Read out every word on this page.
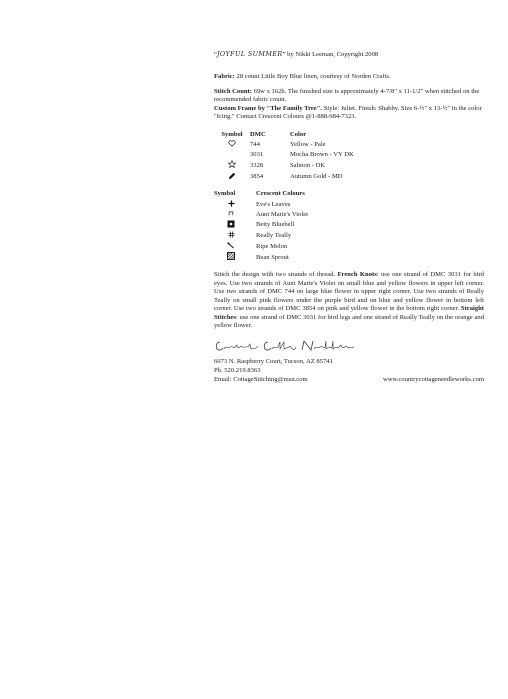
“JOYFUL SUMMER” by Nikki Leeman, Copyright 2008
Fabric: 28 count Little Boy Blue linen, courtesy of Norden Crafts.
Stitch Count: 69w x 162h. The finished size is approximately 4-7/8" x 11-1/2" when stitched on the recommended fabric count.
Custom Frame by "The Family Tree". Style: Juliet. Finish: Shabby. Size 6-½" x 13-½" in the color "Icing." Contact Crescent Colours @1-888-984-7323.
Symbol	DMC	Color

	744	Yellow - Pale
	3031	Mocha Brown - VY DK

	3328	Salmon - DK

	3854	Autumn Gold - MD
Symbol	Crescent Colours

	Eve's Leaves

	Aunt Marie's Violet

	Betty Bluebell

	Really Teally

	Ripe Melon

	Bean Sprout
Stitch the design with two strands of thread. French Knots: use one strand of DMC 3031 for bird eyes. Use two strands of Aunt Marie's Violet on small blue and yellow flowers in upper left corner. Use two strands of DMC 744 on large blue flower in upper right corner. Use two strands of Really Teally on small pink flowers under the purple bird and on blue and yellow flower in bottom left corner. Use two strands of DMC 3854 on pink and yellow flower in the bottom right corner. Straight Stitches: use one strand of DMC 3031 for bird legs and one strand of Really Teally on the orange and yellow flower.
6073 N. Raspberry Court, Tucson, AZ 85741
Ph. 520.219.8363
Email: CottageStitching@msn.com	www.countrycottageneedleworks.com
